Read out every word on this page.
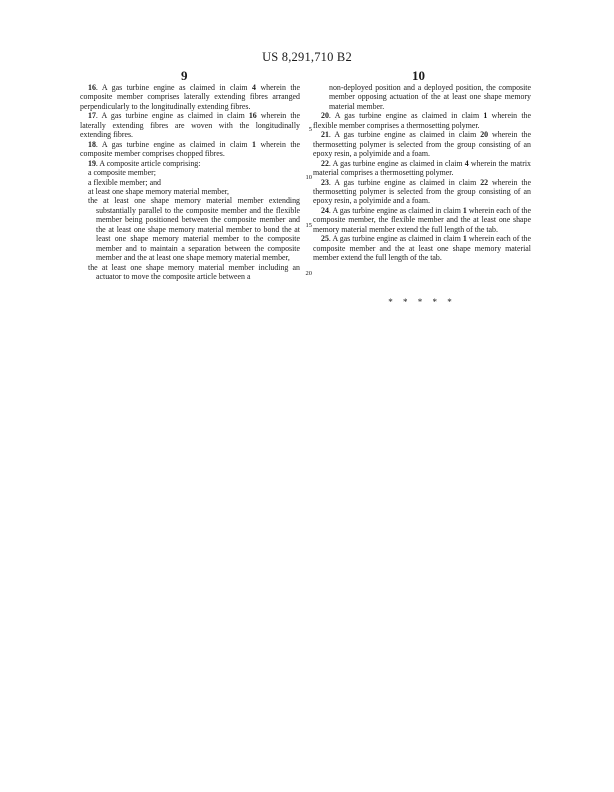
US 8,291,710 B2
9	10

16. A gas turbine engine as claimed in claim 4 wherein the composite member comprises laterally extending fibres arranged perpendicularly to the longitudinally extending fibres.

17. A gas turbine engine as claimed in claim 16 wherein the laterally extending fibres are woven with the longitudinally extending fibres.

18. A gas turbine engine as claimed in claim 1 wherein the composite member comprises chopped fibres.

19. A composite article comprising:

a composite member;

a flexible member; and

at least one shape memory material member,

the at least one shape memory material member extending substantially parallel to the composite member and the flexible member being positioned between the composite member and the at least one shape memory material member to bond the at least one shape memory material member to the composite member and to maintain a separation between the composite member and the at least one shape memory material member,

the at least one shape memory material member including an actuator to move the composite article between a

5
10
15
20

non-deployed position and a deployed position, the composite member opposing actuation of the at least one shape memory material member.

20. A gas turbine engine as claimed in claim 1 wherein the flexible member comprises a thermosetting polymer.

21. A gas turbine engine as claimed in claim 20 wherein the thermosetting polymer is selected from the group consisting of an epoxy resin, a polyimide and a foam.

22. A gas turbine engine as claimed in claim 4 wherein the matrix material comprises a thermosetting polymer.

23. A gas turbine engine as claimed in claim 22 wherein the thermosetting polymer is selected from the group consisting of an epoxy resin, a polyimide and a foam.

24. A gas turbine engine as claimed in claim 1 wherein each of the composite member, the flexible member and the at least one shape memory material member extend the full length of the tab.

25. A gas turbine engine as claimed in claim 1 wherein each of the composite member and the at least one shape memory material member extend the full length of the tab.

* * * * *
